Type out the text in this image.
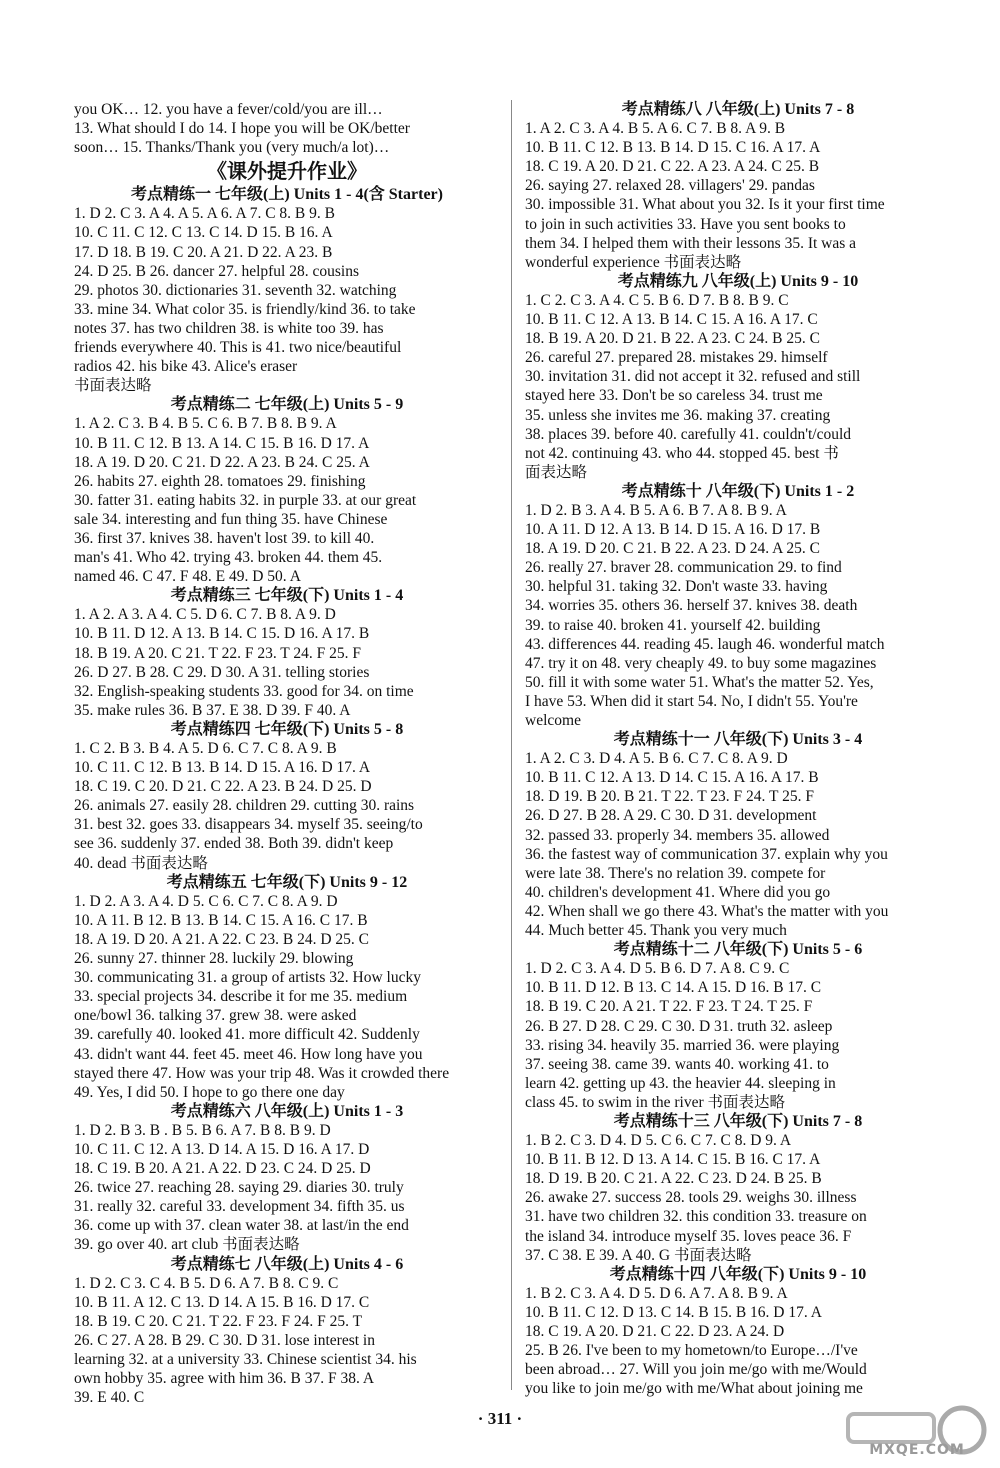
you OK… 12. you have a fever/cold/you are ill…
13. What should I do 14. I hope you will be OK/better
soon… 15. Thanks/Thank you (very much/a lot)…
《课外提升作业》
考点精练一 七年级(上) Units 1 - 4(含 Starter)
1. D 2. C 3. A 4. A 5. A 6. A 7. C 8. B 9. B
10. C 11. C 12. C 13. C 14. D 15. B 16. A
17. D 18. B 19. C 20. A 21. D 22. A 23. B
24. D 25. B 26. dancer 27. helpful 28. cousins
29. photos 30. dictionaries 31. seventh 32. watching
33. mine 34. What color 35. is friendly/kind 36. to take
notes 37. has two children 38. is white too 39. has
friends everywhere 40. This is 41. two nice/beautiful
radios 42. his bike 43. Alice's eraser
书面表达略
考点精练二 七年级(上) Units 5 - 9
1. A 2. C 3. B 4. B 5. C 6. B 7. B 8. B 9. A
10. B 11. C 12. B 13. A 14. C 15. B 16. D 17. A
18. A 19. D 20. C 21. D 22. A 23. B 24. C 25. A
26. habits 27. eighth 28. tomatoes 29. finishing
30. fatter 31. eating habits 32. in purple 33. at our great
sale 34. interesting and fun thing 35. have Chinese
36. first 37. knives 38. haven't lost 39. to kill 40.
man's 41. Who 42. trying 43. broken 44. them 45.
named 46. C 47. F 48. E 49. D 50. A
考点精练三 七年级(下) Units 1 - 4
1. A 2. A 3. A 4. C 5. D 6. C 7. B 8. A 9. D
10. B 11. D 12. A 13. B 14. C 15. D 16. A 17. B
18. B 19. A 20. C 21. T 22. F 23. T 24. F 25. F
26. D 27. B 28. C 29. D 30. A 31. telling stories
32. English-speaking students 33. good for 34. on time
35. make rules 36. B 37. E 38. D 39. F 40. A
考点精练四 七年级(下) Units 5 - 8
1. C 2. B 3. B 4. A 5. D 6. C 7. C 8. A 9. B
10. C 11. C 12. B 13. B 14. D 15. A 16. D 17. A
18. C 19. C 20. D 21. C 22. A 23. B 24. D 25. D
26. animals 27. easily 28. children 29. cutting 30. rains
31. best 32. goes 33. disappears 34. myself 35. seeing/to
see 36. suddenly 37. ended 38. Both 39. didn't keep
40. dead 书面表达略
考点精练五 七年级(下) Units 9 - 12
1. D 2. A 3. A 4. D 5. C 6. C 7. C 8. A 9. D
10. A 11. B 12. B 13. B 14. C 15. A 16. C 17. B
18. A 19. D 20. A 21. A 22. C 23. B 24. D 25. C
26. sunny 27. thinner 28. luckily 29. blowing
30. communicating 31. a group of artists 32. How lucky
33. special projects 34. describe it for me 35. medium
one/bowl 36. talking 37. grew 38. were asked
39. carefully 40. looked 41. more difficult 42. Suddenly
43. didn't want 44. feet 45. meet 46. How long have you
stayed there 47. How was your trip 48. Was it crowded there
49. Yes, I did 50. I hope to go there one day
考点精练六 八年级(上) Units 1 - 3
1. D 2. B 3. B . B 5. B 6. A 7. B 8. B 9. D
10. C 11. C 12. A 13. D 14. A 15. D 16. A 17. D
18. C 19. B 20. A 21. A 22. D 23. C 24. D 25. D
26. twice 27. reaching 28. saying 29. diaries 30. truly
31. really 32. careful 33. development 34. fifth 35. us
36. come up with 37. clean water 38. at last/in the end
39. go over 40. art club 书面表达略
考点精练七 八年级(上) Units 4 - 6
1. D 2. C 3. C 4. B 5. D 6. A 7. B 8. C 9. C
10. B 11. A 12. C 13. D 14. A 15. B 16. D 17. C
18. B 19. C 20. C 21. T 22. F 23. F 24. F 25. T
26. C 27. A 28. B 29. C 30. D 31. lose interest in
learning 32. at a university 33. Chinese scientist 34. his
own hobby 35. agree with him 36. B 37. F 38. A
39. E 40. C
考点精练八 八年级(上) Units 7 - 8
1. A 2. C 3. A 4. B 5. A 6. C 7. B 8. A 9. B
10. B 11. C 12. B 13. B 14. D 15. C 16. A 17. A
18. C 19. A 20. D 21. C 22. A 23. A 24. C 25. B
26. saying 27. relaxed 28. villagers' 29. pandas
30. impossible 31. What about you 32. Is it your first time
to join in such activities 33. Have you sent books to
them 34. I helped them with their lessons 35. It was a
wonderful experience 书面表达略
考点精练九 八年级(上) Units 9 - 10
1. C 2. C 3. A 4. C 5. B 6. D 7. B 8. B 9. C
10. B 11. C 12. A 13. B 14. C 15. A 16. A 17. C
18. B 19. A 20. D 21. B 22. A 23. C 24. B 25. C
26. careful 27. prepared 28. mistakes 29. himself
30. invitation 31. did not accept it 32. refused and still
stayed here 33. Don't be so careless 34. trust me
35. unless she invites me 36. making 37. creating
38. places 39. before 40. carefully 41. couldn't/could
not 42. continuing 43. who 44. stopped 45. best 书
面表达略
考点精练十 八年级(下) Units 1 - 2
1. D 2. B 3. A 4. B 5. A 6. B 7. A 8. B 9. A
10. A 11. D 12. A 13. B 14. D 15. A 16. D 17. B
18. A 19. D 20. C 21. B 22. A 23. D 24. A 25. C
26. really 27. braver 28. communication 29. to find
30. helpful 31. taking 32. Don't waste 33. having
34. worries 35. others 36. herself 37. knives 38. death
39. to raise 40. broken 41. yourself 42. building
43. differences 44. reading 45. laugh 46. wonderful match
47. try it on 48. very cheaply 49. to buy some magazines
50. fill it with some water 51. What's the matter 52. Yes,
I have 53. When did it start 54. No, I didn't 55. You're
welcome
考点精练十一 八年级(下) Units 3 - 4
1. A 2. C 3. D 4. A 5. B 6. C 7. C 8. A 9. D
10. B 11. C 12. A 13. D 14. C 15. A 16. A 17. B
18. D 19. B 20. B 21. T 22. T 23. F 24. T 25. F
26. D 27. B 28. A 29. C 30. D 31. development
32. passed 33. properly 34. members 35. allowed
36. the fastest way of communication 37. explain why you
were late 38. There's no relation 39. compete for
40. children's development 41. Where did you go
42. When shall we go there 43. What's the matter with you
44. Much better 45. Thank you very much
考点精练十二 八年级(下) Units 5 - 6
1. D 2. C 3. A 4. D 5. B 6. D 7. A 8. C 9. C
10. B 11. D 12. B 13. C 14. A 15. D 16. B 17. C
18. B 19. C 20. A 21. T 22. F 23. T 24. T 25. F
26. B 27. D 28. C 29. C 30. D 31. truth 32. asleep
33. rising 34. heavily 35. married 36. were playing
37. seeing 38. came 39. wants 40. working 41. to
learn 42. getting up 43. the heavier 44. sleeping in
class 45. to swim in the river 书面表达略
考点精练十三 八年级(下) Units 7 - 8
1. B 2. C 3. D 4. D 5. C 6. C 7. C 8. D 9. A
10. B 11. B 12. D 13. A 14. C 15. B 16. C 17. A
18. D 19. B 20. C 21. A 22. C 23. D 24. B 25. B
26. awake 27. success 28. tools 29. weighs 30. illness
31. have two children 32. this condition 33. treasure on
the island 34. introduce myself 35. loves peace 36. F
37. C 38. E 39. A 40. G 书面表达略
考点精练十四 八年级(下) Units 9 - 10
1. B 2. C 3. A 4. D 5. D 6. A 7. A 8. B 9. A
10. B 11. C 12. D 13. C 14. B 15. B 16. D 17. A
18. C 19. A 20. D 21. C 22. D 23. A 24. D
25. B 26. I've been to my hometown/to Europe…/I've
been abroad… 27. Will you join me/go with me/Would
you like to join me/go with me/What about joining me
· 311 ·
MXQE.COM
